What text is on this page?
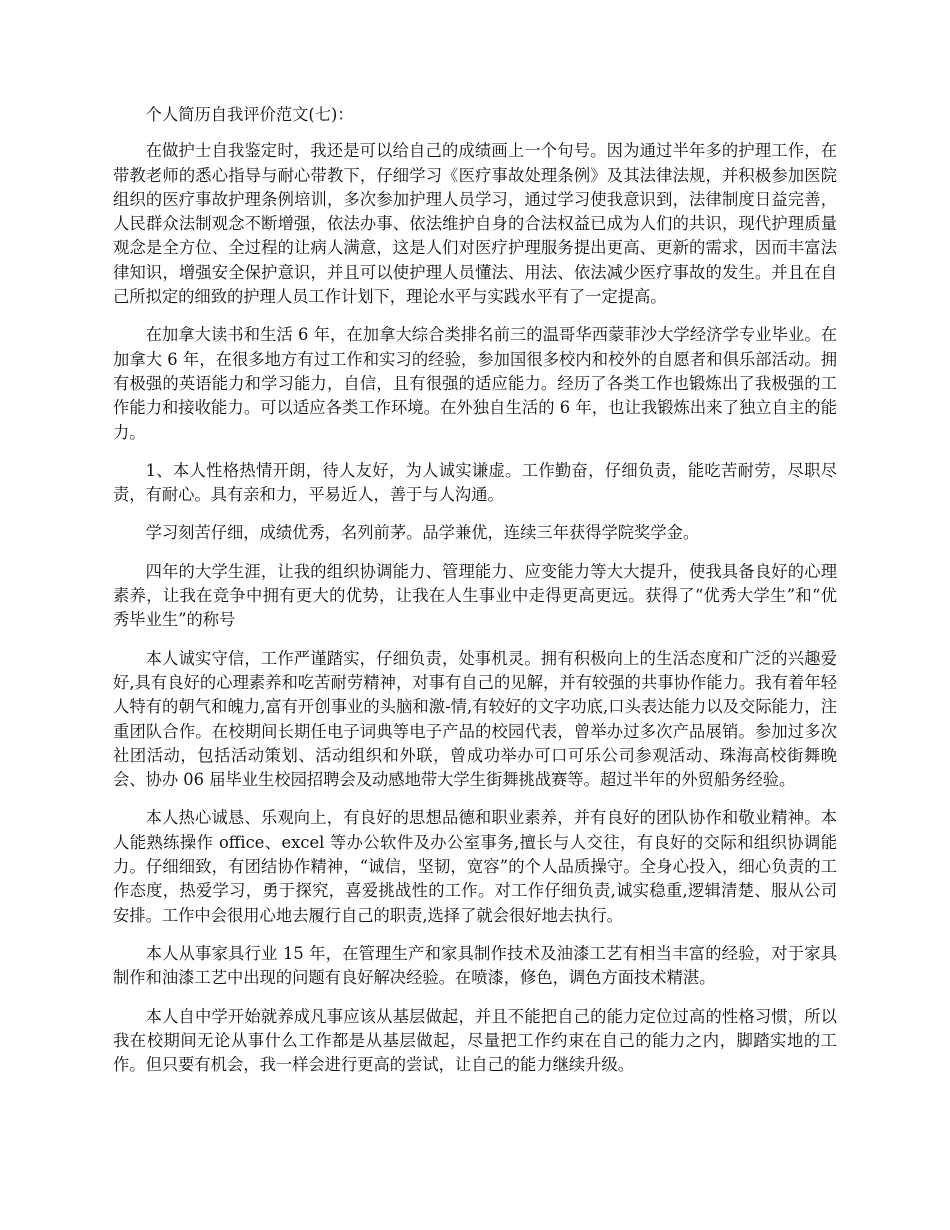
个人简历自我评价范文(七)：

在做护士自我鉴定时，我还是可以给自己的成绩画上一个句号。因为通过半年多的护理工作，在带教老师的悉心指导与耐心带教下，仔细学习《医疗事故处理条例》及其法律法规，并积极参加医院组织的医疗事故护理条例培训，多次参加护理人员学习，通过学习使我意识到，法律制度日益完善，人民群众法制观念不断增强，依法办事、依法维护自身的合法权益已成为人们的共识，现代护理质量观念是全方位、全过程的让病人满意，这是人们对医疗护理服务提出更高、更新的需求，因而丰富法律知识，增强安全保护意识，并且可以使护理人员懂法、用法、依法减少医疗事故的发生。并且在自己所拟定的细致的护理人员工作计划下，理论水平与实践水平有了一定提高。

在加拿大读书和生活 6 年，在加拿大综合类排名前三的温哥华西蒙菲沙大学经济学专业毕业。在加拿大 6 年，在很多地方有过工作和实习的经验，参加国很多校内和校外的自愿者和俱乐部活动。拥有极强的英语能力和学习能力，自信，且有很强的适应能力。经历了各类工作也锻炼出了我极强的工作能力和接收能力。可以适应各类工作环境。在外独自生活的 6 年，也让我锻炼出来了独立自主的能力。

1、本人性格热情开朗，待人友好，为人诚实谦虚。工作勤奋，仔细负责，能吃苦耐劳，尽职尽责，有耐心。具有亲和力，平易近人，善于与人沟通。

学习刻苦仔细，成绩优秀，名列前茅。品学兼优，连续三年获得学院奖学金。

四年的大学生涯，让我的组织协调能力、管理能力、应变能力等大大提升，使我具备良好的心理素养，让我在竞争中拥有更大的优势，让我在人生事业中走得更高更远。获得了“优秀大学生”和“优秀毕业生”的称号

本人诚实守信，工作严谨踏实，仔细负责，处事机灵。拥有积极向上的生活态度和广泛的兴趣爱好,具有良好的心理素养和吃苦耐劳精神，对事有自己的见解，并有较强的共事协作能力。我有着年轻人特有的朝气和魄力,富有开创事业的头脑和激-情,有较好的文字功底,口头表达能力以及交际能力，注重团队合作。在校期间长期任电子词典等电子产品的校园代表，曾举办过多次产品展销。参加过多次社团活动，包括活动策划、活动组织和外联，曾成功举办可口可乐公司参观活动、珠海高校街舞晚会、协办 06 届毕业生校园招聘会及动感地带大学生街舞挑战赛等。超过半年的外贸船务经验。

本人热心诚恳、乐观向上，有良好的思想品德和职业素养，并有良好的团队协作和敬业精神。本人能熟练操作 office、excel 等办公软件及办公室事务,擅长与人交往，有良好的交际和组织协调能力。仔细细致，有团结协作精神，“诚信，坚韧，宽容”的个人品质操守。全身心投入，细心负责的工作态度，热爱学习，勇于探究，喜爱挑战性的工作。对工作仔细负责,诚实稳重,逻辑清楚、服从公司安排。工作中会很用心地去履行自己的职责,选择了就会很好地去执行。

本人从事家具行业 15 年，在管理生产和家具制作技术及油漆工艺有相当丰富的经验，对于家具制作和油漆工艺中出现的问题有良好解决经验。在喷漆，修色，调色方面技术精湛。

本人自中学开始就养成凡事应该从基层做起，并且不能把自己的能力定位过高的性格习惯，所以我在校期间无论从事什么工作都是从基层做起，尽量把工作约束在自己的能力之内，脚踏实地的工作。但只要有机会，我一样会进行更高的尝试，让自己的能力继续升级。
